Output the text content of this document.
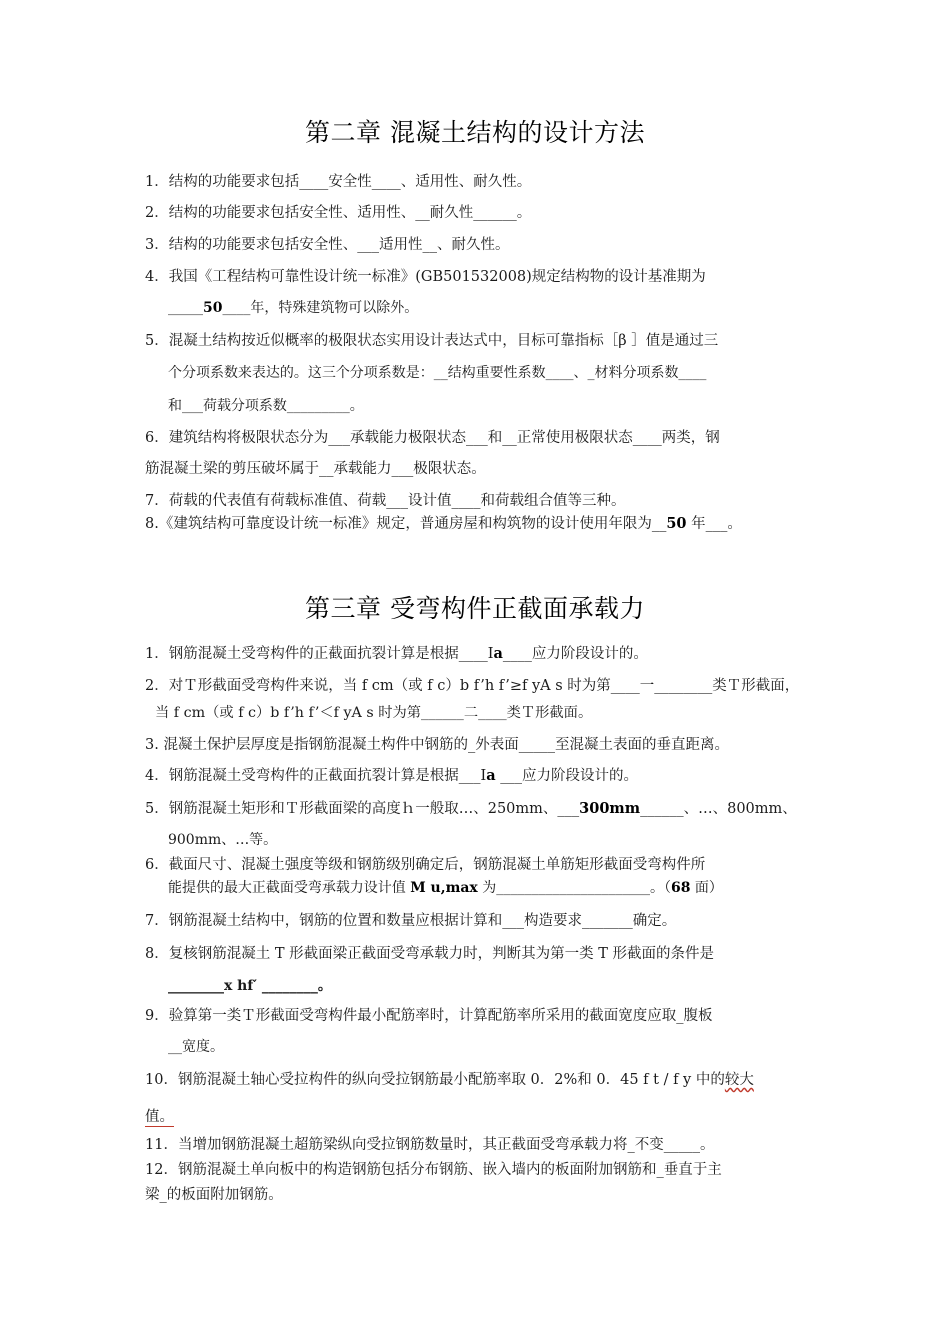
第二章 混凝土结构的设计方法
1．结构的功能要求包括____安全性____、适用性、耐久性。
2．结构的功能要求包括安全性、适用性、__耐久性______。
3．结构的功能要求包括安全性、___适用性__、耐久性。
4．我国《工程结构可靠性设计统一标准》(GB501532008)规定结构物的设计基准期为
_____50____年，特殊建筑物可以除外。
5．混凝土结构按近似概率的极限状态实用设计表达式中，目标可靠指标［β ］值是通过三
个分项系数来表达的。这三个分项系数是：__结构重要性系数____、_材料分项系数____
和___荷载分项系数_________。
6．建筑结构将极限状态分为___承载能力极限状态___和__正常使用极限状态____两类，钢
筋混凝土梁的剪压破坏属于__承载能力___极限状态。
7．荷载的代表值有荷载标准值、荷载___设计值____和荷载组合值等三种。
8.《建筑结构可靠度设计统一标准》规定，普通房屋和构筑物的设计使用年限为__50 年___。
第三章 受弯构件正截面承载力
1．钢筋混凝土受弯构件的正截面抗裂计算是根据____Ⅰa____应力阶段设计的。
2．对Ｔ形截面受弯构件来说，当 f cm（或 f c）b f’h f’≥f yA s 时为第____一________类Ｔ形截面，
当 f cm（或 f c）b f’h f’＜f yA s 时为第______二____类Ｔ形截面。
3. 混凝土保护层厚度是指钢筋混凝土构件中钢筋的_外表面_____至混凝土表面的垂直距离。
4．钢筋混凝土受弯构件的正截面抗裂计算是根据___Ⅰa ___应力阶段设计的。
5．钢筋混凝土矩形和Ｔ形截面梁的高度ｈ一般取…、250mm、___300mm______、…、800mm、
900mm、…等。
6．截面尺寸、混凝土强度等级和钢筋级别确定后，钢筋混凝土单筋矩形截面受弯构件所
能提供的最大正截面受弯承载力设计值 M u,max 为______________________。（68 面）
7．钢筋混凝土结构中，钢筋的位置和数量应根据计算和___构造要求_______确定。
8．复核钢筋混凝土 T 形截面梁正截面受弯承载力时，判断其为第一类 T 形截面的条件是
________x hf′ ________。
9．验算第一类Ｔ形截面受弯构件最小配筋率时，计算配筋率所采用的截面宽度应取_腹板
__宽度。
10．钢筋混凝土轴心受拉构件的纵向受拉钢筋最小配筋率取 0．2%和 0．45 f t / f y 中的较大
值。
11．当增加钢筋混凝土超筋梁纵向受拉钢筋数量时，其正截面受弯承载力将_不变_____。
12．钢筋混凝土单向板中的构造钢筋包括分布钢筋、嵌入墙内的板面附加钢筋和_垂直于主
梁_的板面附加钢筋。
